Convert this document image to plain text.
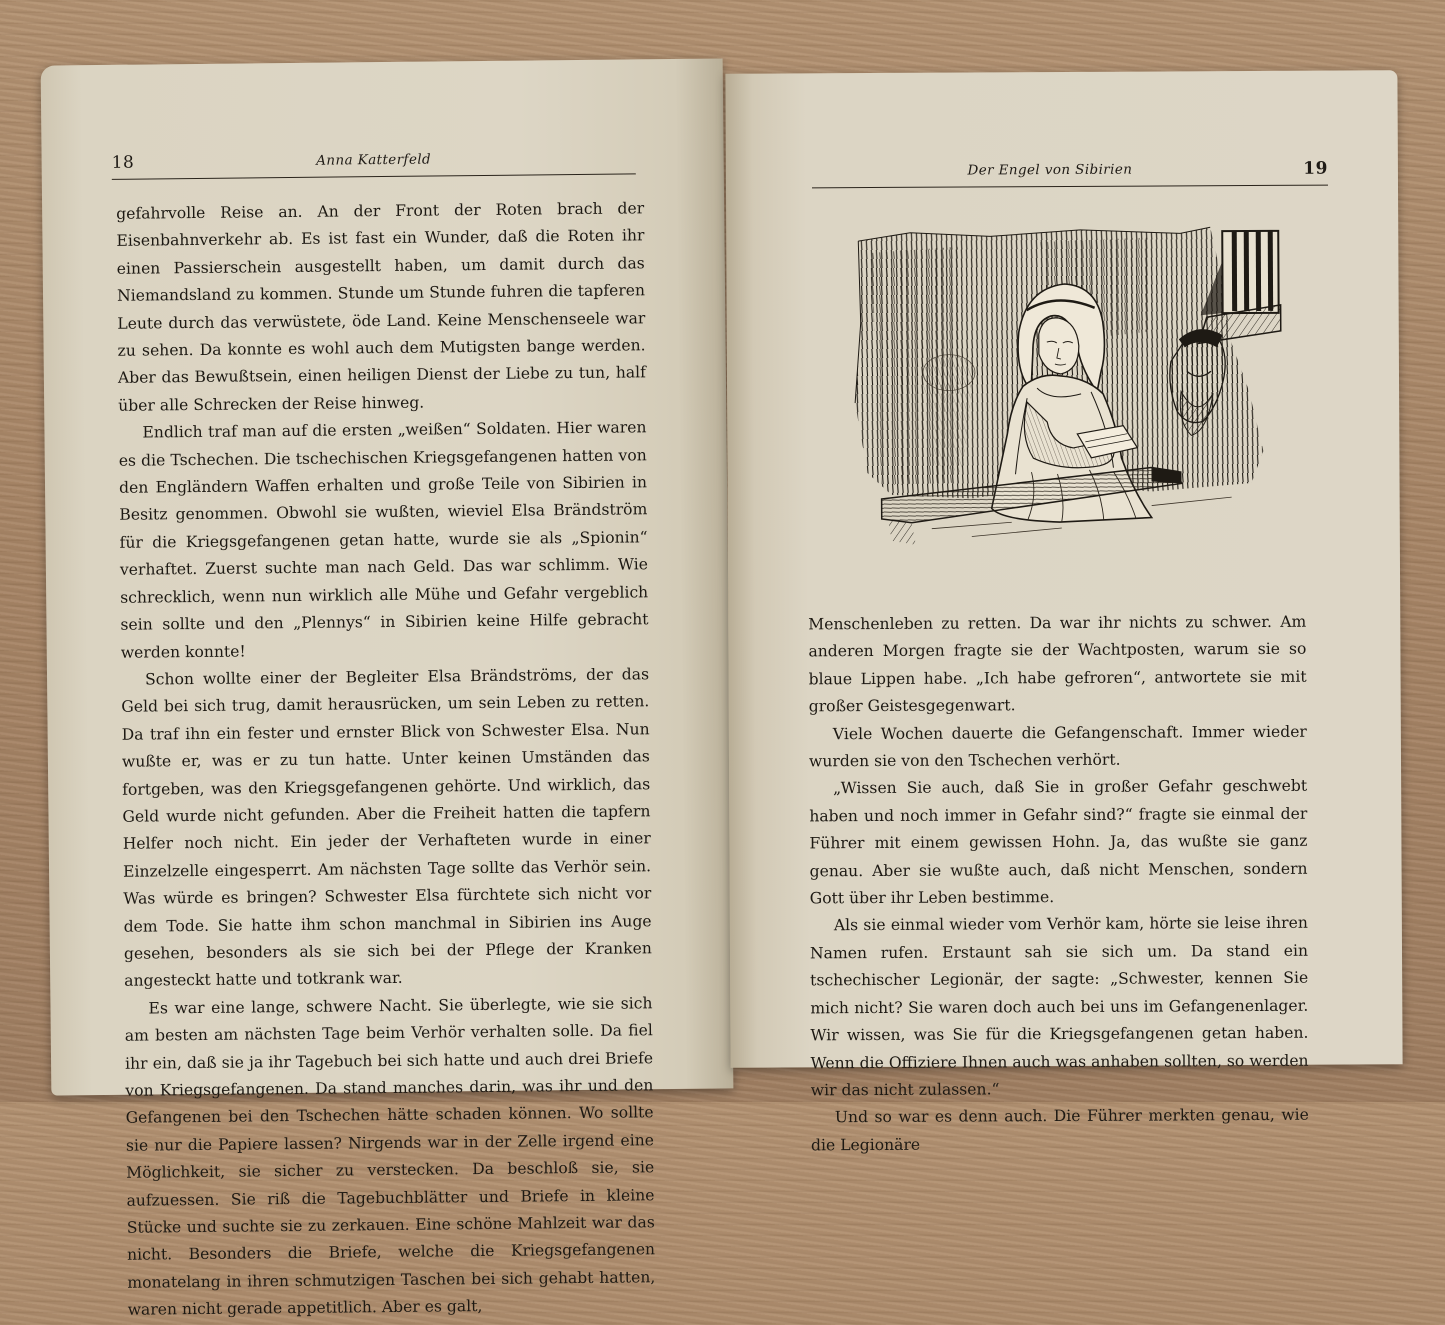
18	Anna Katterfeld

gefahrvolle Reise an. An der Front der Roten brach der Eisenbahnverkehr ab. Es ist fast ein Wunder, daß die Roten ihr einen Passierschein ausgestellt haben, um damit durch das Niemandsland zu kommen. Stunde um Stunde fuhren die tapferen Leute durch das verwüstete, öde Land. Keine Menschenseele war zu sehen. Da konnte es wohl auch dem Mutigsten bange werden. Aber das Bewußtsein, einen heiligen Dienst der Liebe zu tun, half über alle Schrecken der Reise hinweg.

Endlich traf man auf die ersten „weißen“ Soldaten. Hier waren es die Tschechen. Die tschechischen Kriegsgefangenen hatten von den Engländern Waffen erhalten und große Teile von Sibirien in Besitz genommen. Obwohl sie wußten, wieviel Elsa Brändström für die Kriegsgefangenen getan hatte, wurde sie als „Spionin“ verhaftet. Zuerst suchte man nach Geld. Das war schlimm. Wie schrecklich, wenn nun wirklich alle Mühe und Gefahr vergeblich sein sollte und den „Plennys“ in Sibirien keine Hilfe gebracht werden konnte!

Schon wollte einer der Begleiter Elsa Brändströms, der das Geld bei sich trug, damit herausrücken, um sein Leben zu retten. Da traf ihn ein fester und ernster Blick von Schwester Elsa. Nun wußte er, was er zu tun hatte. Unter keinen Umständen das fortgeben, was den Kriegsgefangenen gehörte. Und wirklich, das Geld wurde nicht gefunden. Aber die Freiheit hatten die tapfern Helfer noch nicht. Ein jeder der Verhafteten wurde in einer Einzelzelle eingesperrt. Am nächsten Tage sollte das Verhör sein. Was würde es bringen? Schwester Elsa fürchtete sich nicht vor dem Tode. Sie hatte ihm schon manchmal in Sibirien ins Auge gesehen, besonders als sie sich bei der Pflege der Kranken angesteckt hatte und totkrank war.

Es war eine lange, schwere Nacht. Sie überlegte, wie sie sich am besten am nächsten Tage beim Verhör verhalten solle. Da fiel ihr ein, daß sie ja ihr Tagebuch bei sich hatte und auch drei Briefe von Kriegsgefangenen. Da stand manches darin, was ihr und den Gefangenen bei den Tschechen hätte schaden können. Wo sollte sie nur die Papiere lassen? Nirgends war in der Zelle irgend eine Möglichkeit, sie sicher zu verstecken. Da beschloß sie, sie aufzuessen. Sie riß die Tagebuchblätter und Briefe in kleine Stücke und suchte sie zu zerkauen. Eine schöne Mahlzeit war das nicht. Besonders die Briefe, welche die Kriegsgefangenen monatelang in ihren schmutzigen Taschen bei sich gehabt hatten, waren nicht gerade appetitlich. Aber es galt,

Der Engel von Sibirien	19

Menschenleben zu retten. Da war ihr nichts zu schwer. Am anderen Morgen fragte sie der Wachtposten, warum sie so blaue Lippen habe. „Ich habe gefroren“, antwortete sie mit großer Geistesgegenwart.

Viele Wochen dauerte die Gefangenschaft. Immer wieder wurden sie von den Tschechen verhört.

„Wissen Sie auch, daß Sie in großer Gefahr geschwebt haben und noch immer in Gefahr sind?“ fragte sie einmal der Führer mit einem gewissen Hohn. Ja, das wußte sie ganz genau. Aber sie wußte auch, daß nicht Menschen, sondern Gott über ihr Leben bestimme.

Als sie einmal wieder vom Verhör kam, hörte sie leise ihren Namen rufen. Erstaunt sah sie sich um. Da stand ein tschechischer Legionär, der sagte: „Schwester, kennen Sie mich nicht? Sie waren doch auch bei uns im Gefangenenlager. Wir wissen, was Sie für die Kriegsgefangenen getan haben. Wenn die Offiziere Ihnen auch was anhaben sollten, so werden wir das nicht zulassen.“

Und so war es denn auch. Die Führer merkten genau, wie die Legionäre
